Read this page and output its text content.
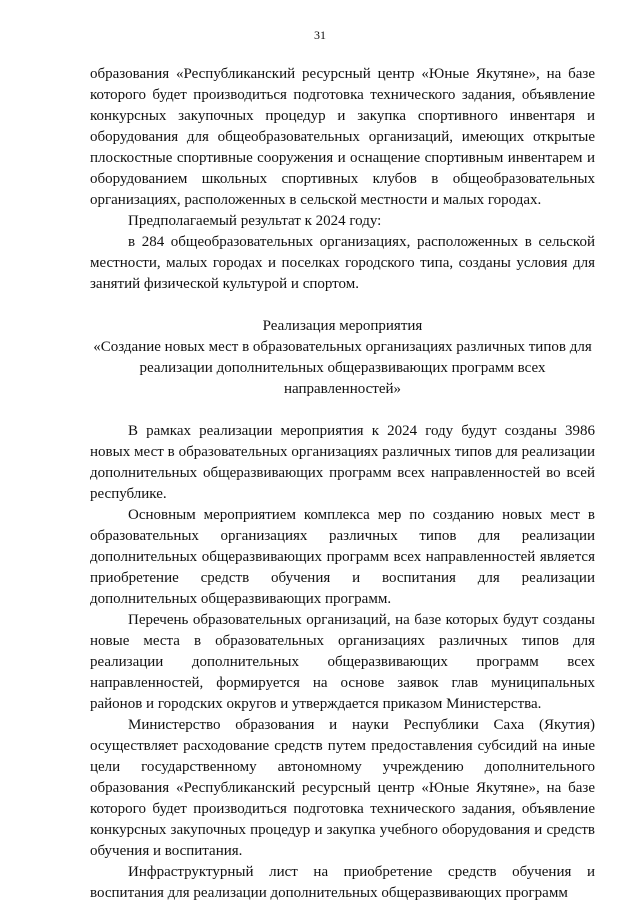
31

образования «Республиканский ресурсный центр «Юные Якутяне», на базе которого будет производиться подготовка технического задания, объявление конкурсных закупочных процедур и закупка спортивного инвентаря и оборудования для общеобразовательных организаций, имеющих открытые плоскостные спортивные сооружения и оснащение спортивным инвентарем и оборудованием школьных спортивных клубов в общеобразовательных организациях, расположенных в сельской местности и малых городах.

Предполагаемый результат к 2024 году:

в 284 общеобразовательных организациях, расположенных в сельской местности, малых городах и поселках городского типа, созданы условия для занятий физической культурой и спортом.

Реализация мероприятия
«Создание новых мест в образовательных организациях различных типов для реализации дополнительных общеразвивающих программ всех направленностей»

В рамках реализации мероприятия к 2024 году будут созданы 3986 новых мест в образовательных организациях различных типов для реализации дополнительных общеразвивающих программ всех направленностей во всей республике.

Основным мероприятием комплекса мер по созданию новых мест в образовательных организациях различных типов для реализации дополнительных общеразвивающих программ всех направленностей является приобретение средств обучения и воспитания для реализации дополнительных общеразвивающих программ.

Перечень образовательных организаций, на базе которых будут созданы новые места в образовательных организациях различных типов для реализации дополнительных общеразвивающих программ всех направленностей, формируется на основе заявок глав муниципальных районов и городских округов и утверждается приказом Министерства.

Министерство образования и науки Республики Саха (Якутия) осуществляет расходование средств путем предоставления субсидий на иные цели государственному автономному учреждению дополнительного образования «Республиканский ресурсный центр «Юные Якутяне», на базе которого будет производиться подготовка технического задания, объявление конкурсных закупочных процедур и закупка учебного оборудования и средств обучения и воспитания.

Инфраструктурный лист на приобретение средств обучения и воспитания для реализации дополнительных общеразвивающих программ
